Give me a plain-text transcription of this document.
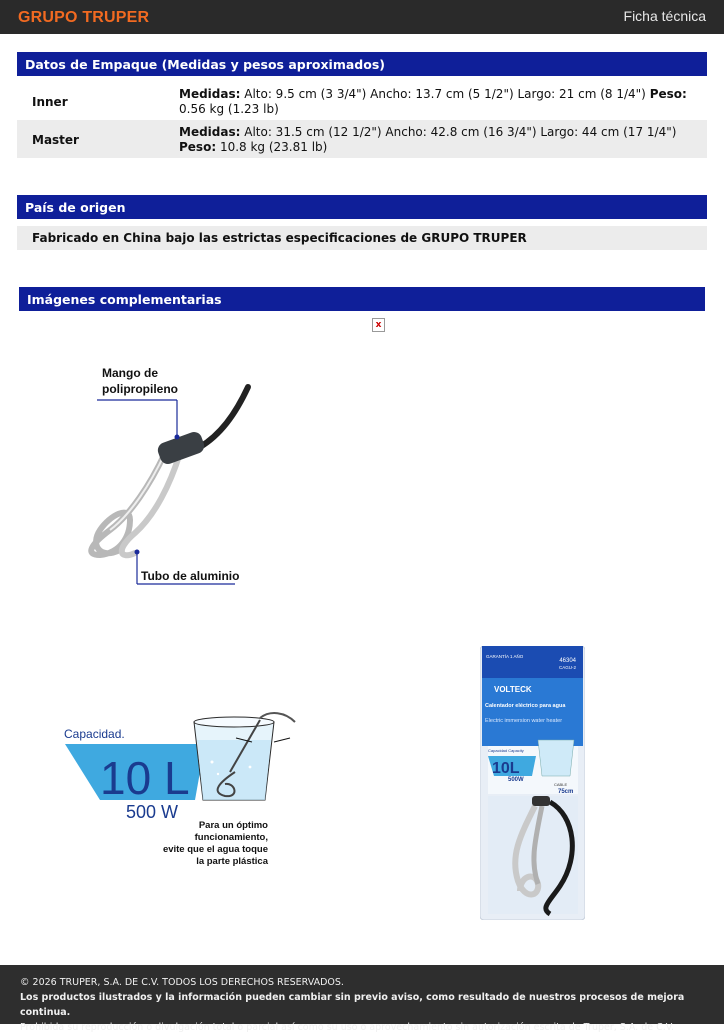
GRUPO TRUPER	Ficha técnica
Datos de Empaque (Medidas y pesos aproximados)
Inner
Medidas: Alto: 9.5 cm (3 3/4") Ancho: 13.7 cm (5 1/2") Largo: 21 cm (8 1/4") Peso: 0.56 kg (1.23 lb)
Master
Medidas: Alto: 31.5 cm (12 1/2") Ancho: 42.8 cm (16 3/4") Largo: 44 cm (17 1/4") Peso: 10.8 kg (23.81 lb)
País de origen
Fabricado en China bajo las estrictas especificaciones de GRUPO TRUPER
Imágenes complementarias
x
Mango de
polipropileno
Tubo de aluminio
Capacidad.
10 L
500 W
Para un óptimo
funcionamiento,
evite que el agua toque
la parte plástica
GARANTÍA 1 AÑO
46304
CAGU-2
VOLTECK
Calentador eléctrico para agua
Electric immersion water heater
Capacidad Capacity
10L
500W
CABLE
75cm
© 2026 TRUPER, S.A. DE C.V. TODOS LOS DERECHOS RESERVADOS.
Los productos ilustrados y la información pueden cambiar sin previo aviso, como resultado de nuestros procesos de mejora continua.
Prohibida su reproducción o divulgación total o parcial así como su uso o aprovechamiento sin autorización escrita de Truper, S.A. de C.V.
